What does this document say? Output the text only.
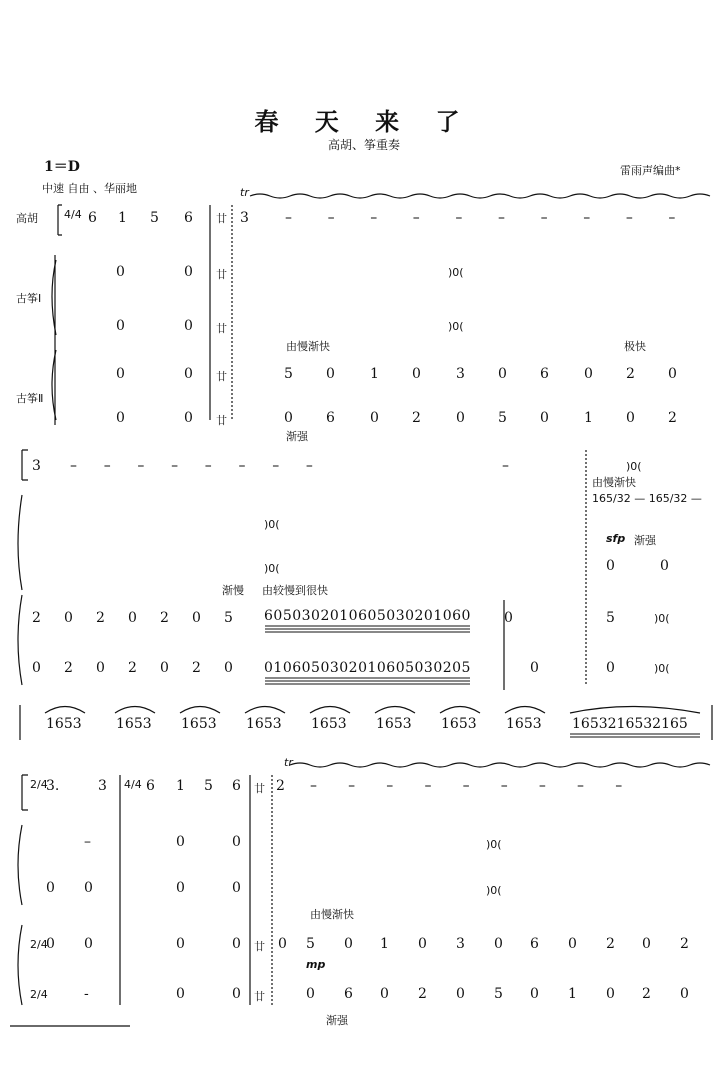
春 天 来 了
高胡、筝重奏
1＝D
中速 自由 、华丽地
雷雨声编曲*
高胡
古筝Ⅰ
古筝Ⅱ
4/4 6 1 5 6 廿 3	–        –        –        –        –        –        –        –        –        –
tr
0	0 廿	)0(
0	0 廿	)0(
由慢渐快	极快
0	0 廿	5 0	1 0	3 0 6	0 2 0
0	0 廿	0 6	0 2	0 5 0	1 0 2
渐强
3 –      –      –      –      –      –      –      –	–	)0(
由慢渐快
165/32 — 165/32 —
)0(
sfp 渐强
)0(	0	0
渐慢 由较慢到很快
2 0 2 0 2 0 5 6050302010605030201060 0	5	)0(
0 2 0 2 0 2 0 0106050302010605030205	0	0	)0(
1653 1653 1653 1653 1653 1653 1653 1653 1653216532165
2/4
3.	3 4/4 6 1 5 6 廿 2 –       –       –       –       –       –       –       –       –
tr
–	0	0	)0(
0 0	0	0	)0(
由慢渐快
2/4
0 0	0	0 廿 0 5 0 1 0 3 0 6 0 2 0 2
mp
2/4	-	0	0 廿	0 6 0 2 0 5 0 1 0 2 0
渐强
